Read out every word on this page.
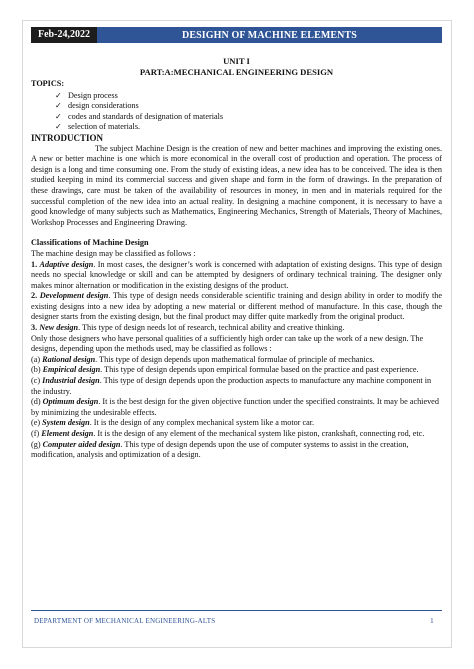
Feb-24,2022	DESIGHN OF MACHINE ELEMENTS
UNIT I
PART:A:MECHANICAL ENGINEERING DESIGN
TOPICS:
✓ Design process
✓ design considerations
✓ codes and standards of designation of materials
✓ selection of materials.
INTRODUCTION

The subject Machine Design is the creation of new and better machines and improving the existing ones. A new or better machine is one which is more economical in the overall cost of production and operation. The process of design is a long and time consuming one. From the study of existing ideas, a new idea has to be conceived. The idea is then studied keeping in mind its commercial success and given shape and form in the form of drawings. In the preparation of these drawings, care must be taken of the availability of resources in money, in men and in materials required for the successful completion of the new idea into an actual reality. In designing a machine component, it is necessary to have a good knowledge of many subjects such as Mathematics, Engineering Mechanics, Strength of Materials, Theory of Machines, Workshop Processes and Engineering Drawing.

Classifications of Machine Design

The machine design may be classified as follows :

1. Adaptive design. In most cases, the designer’s work is concerned with adaptation of existing designs. This type of design needs no special knowledge or skill and can be attempted by designers of ordinary technical training. The designer only makes minor alternation or modification in the existing designs of the product.

2. Development design. This type of design needs considerable scientific training and design ability in order to modify the existing designs into a new idea by adopting a new material or different method of manufacture. In this case, though the designer starts from the existing design, but the final product may differ quite markedly from the original product.

3. New design. This type of design needs lot of research, technical ability and creative thinking.

Only those designers who have personal qualities of a sufficiently high order can take up the work of a new design. The designs, depending upon the methods used, may be classified as follows :

(a) Rational design. This type of design depends upon mathematical formulae of principle of mechanics.

(b) Empirical design. This type of design depends upon empirical formulae based on the practice and past experience.

(c) Industrial design. This type of design depends upon the production aspects to manufacture any machine component in the industry.

(d) Optimum design. It is the best design for the given objective function under the specified constraints. It may be achieved by minimizing the undesirable effects.

(e) System design. It is the design of any complex mechanical system like a motor car.

(f) Element design. It is the design of any element of the mechanical system like piston, crankshaft, connecting rod, etc.

(g) Computer aided design. This type of design depends upon the use of computer systems to assist in the creation, modification, analysis and optimization of a design.

DEPARTMENT OF MECHANICAL ENGINEERING-ALTS	1
